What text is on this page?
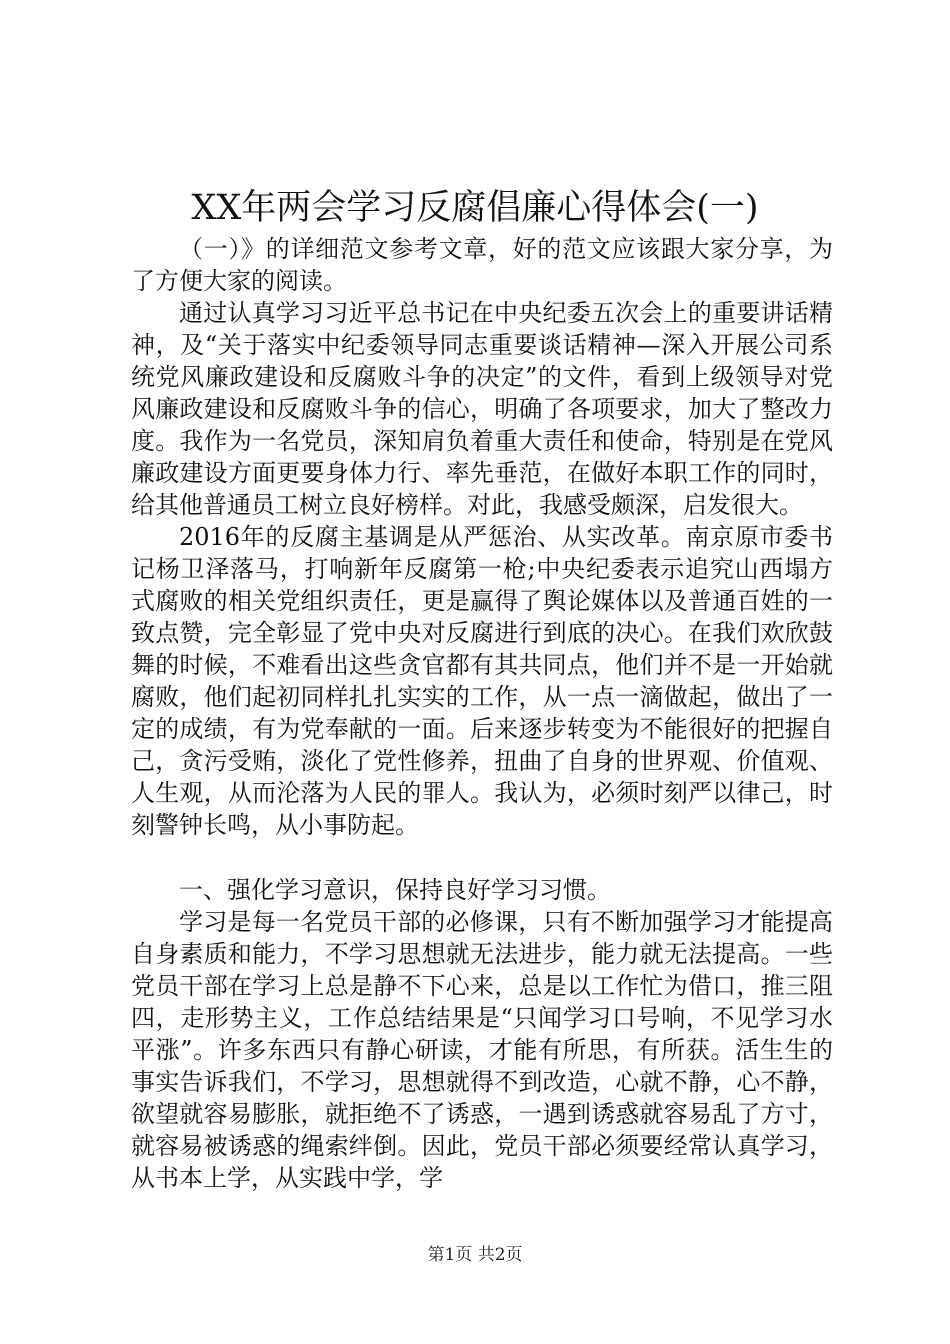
XX年两会学习反腐倡廉心得体会(一)

（一）》的详细范文参考文章，好的范文应该跟大家分享，为了方便大家的阅读。

通过认真学习习近平总书记在中央纪委五次会上的重要讲话精神，及“关于落实中纪委领导同志重要谈话精神—深入开展公司系统党风廉政建设和反腐败斗争的决定”的文件，看到上级领导对党风廉政建设和反腐败斗争的信心，明确了各项要求，加大了整改力度。我作为一名党员，深知肩负着重大责任和使命，特别是在党风廉政建设方面更要身体力行、率先垂范，在做好本职工作的同时，给其他普通员工树立良好榜样。对此，我感受颇深，启发很大。

2016年的反腐主基调是从严惩治、从实改革。南京原市委书记杨卫泽落马，打响新年反腐第一枪;中央纪委表示追究山西塌方式腐败的相关党组织责任，更是赢得了舆论媒体以及普通百姓的一致点赞，完全彰显了党中央对反腐进行到底的决心。在我们欢欣鼓舞的时候，不难看出这些贪官都有其共同点，他们并不是一开始就腐败，他们起初同样扎扎实实的工作，从一点一滴做起，做出了一定的成绩，有为党奉献的一面。后来逐步转变为不能很好的把握自己，贪污受贿，淡化了党性修养，扭曲了自身的世界观、价值观、人生观，从而沦落为人民的罪人。我认为，必须时刻严以律己，时刻警钟长鸣，从小事防起。

一、强化学习意识，保持良好学习习惯。

学习是每一名党员干部的必修课，只有不断加强学习才能提高自身素质和能力，不学习思想就无法进步，能力就无法提高。一些党员干部在学习上总是静不下心来，总是以工作忙为借口，推三阻四，走形势主义，工作总结结果是“只闻学习口号响，不见学习水平涨”。许多东西只有静心研读，才能有所思，有所获。活生生的事实告诉我们，不学习，思想就得不到改造，心就不静，心不静，欲望就容易膨胀，就拒绝不了诱惑，一遇到诱惑就容易乱了方寸，就容易被诱惑的绳索绊倒。因此，党员干部必须要经常认真学习，从书本上学，从实践中学，学

第1页 共2页
